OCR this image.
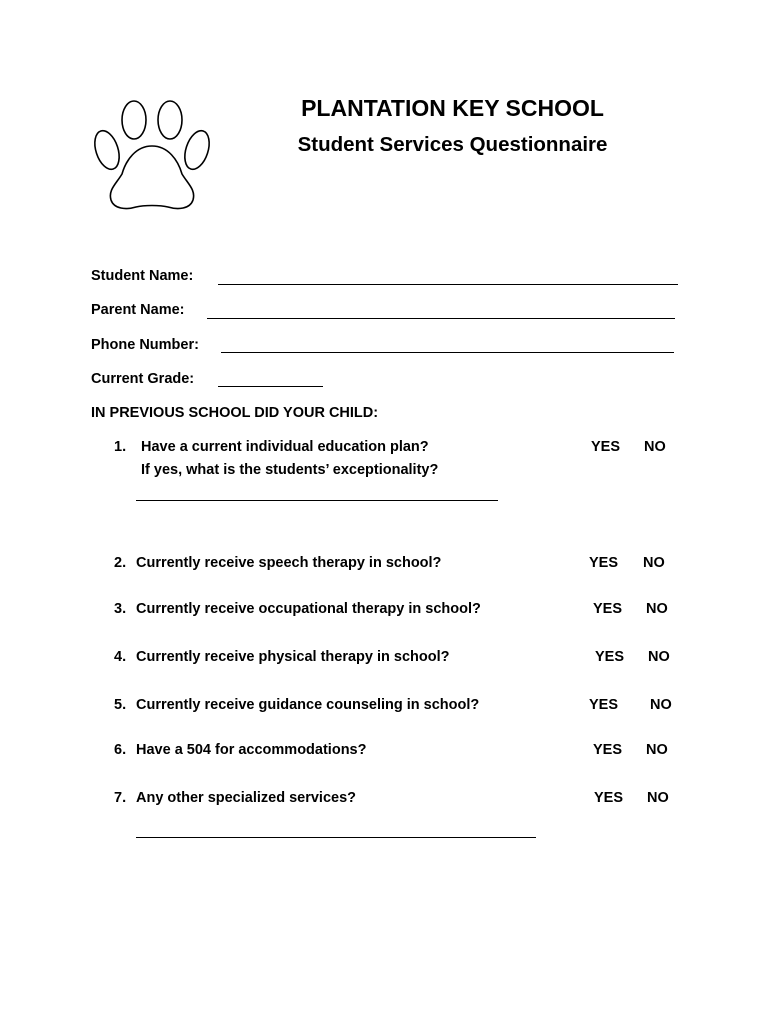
PLANTATION KEY SCHOOL
Student Services Questionnaire
Student Name:
Parent Name:
Phone Number:
Current Grade:
IN PREVIOUS SCHOOL DID YOUR CHILD:
1. Have a current individual education plan?	YES NO
If yes, what is the students’ exceptionality?
2. Currently receive speech therapy in school?	YES NO
3. Currently receive occupational therapy in school?	YES NO
4. Currently receive physical therapy in school?	YES NO
5. Currently receive guidance counseling in school?	YES NO
6. Have a 504 for accommodations?	YES NO
7. Any other specialized services?	YES NO
